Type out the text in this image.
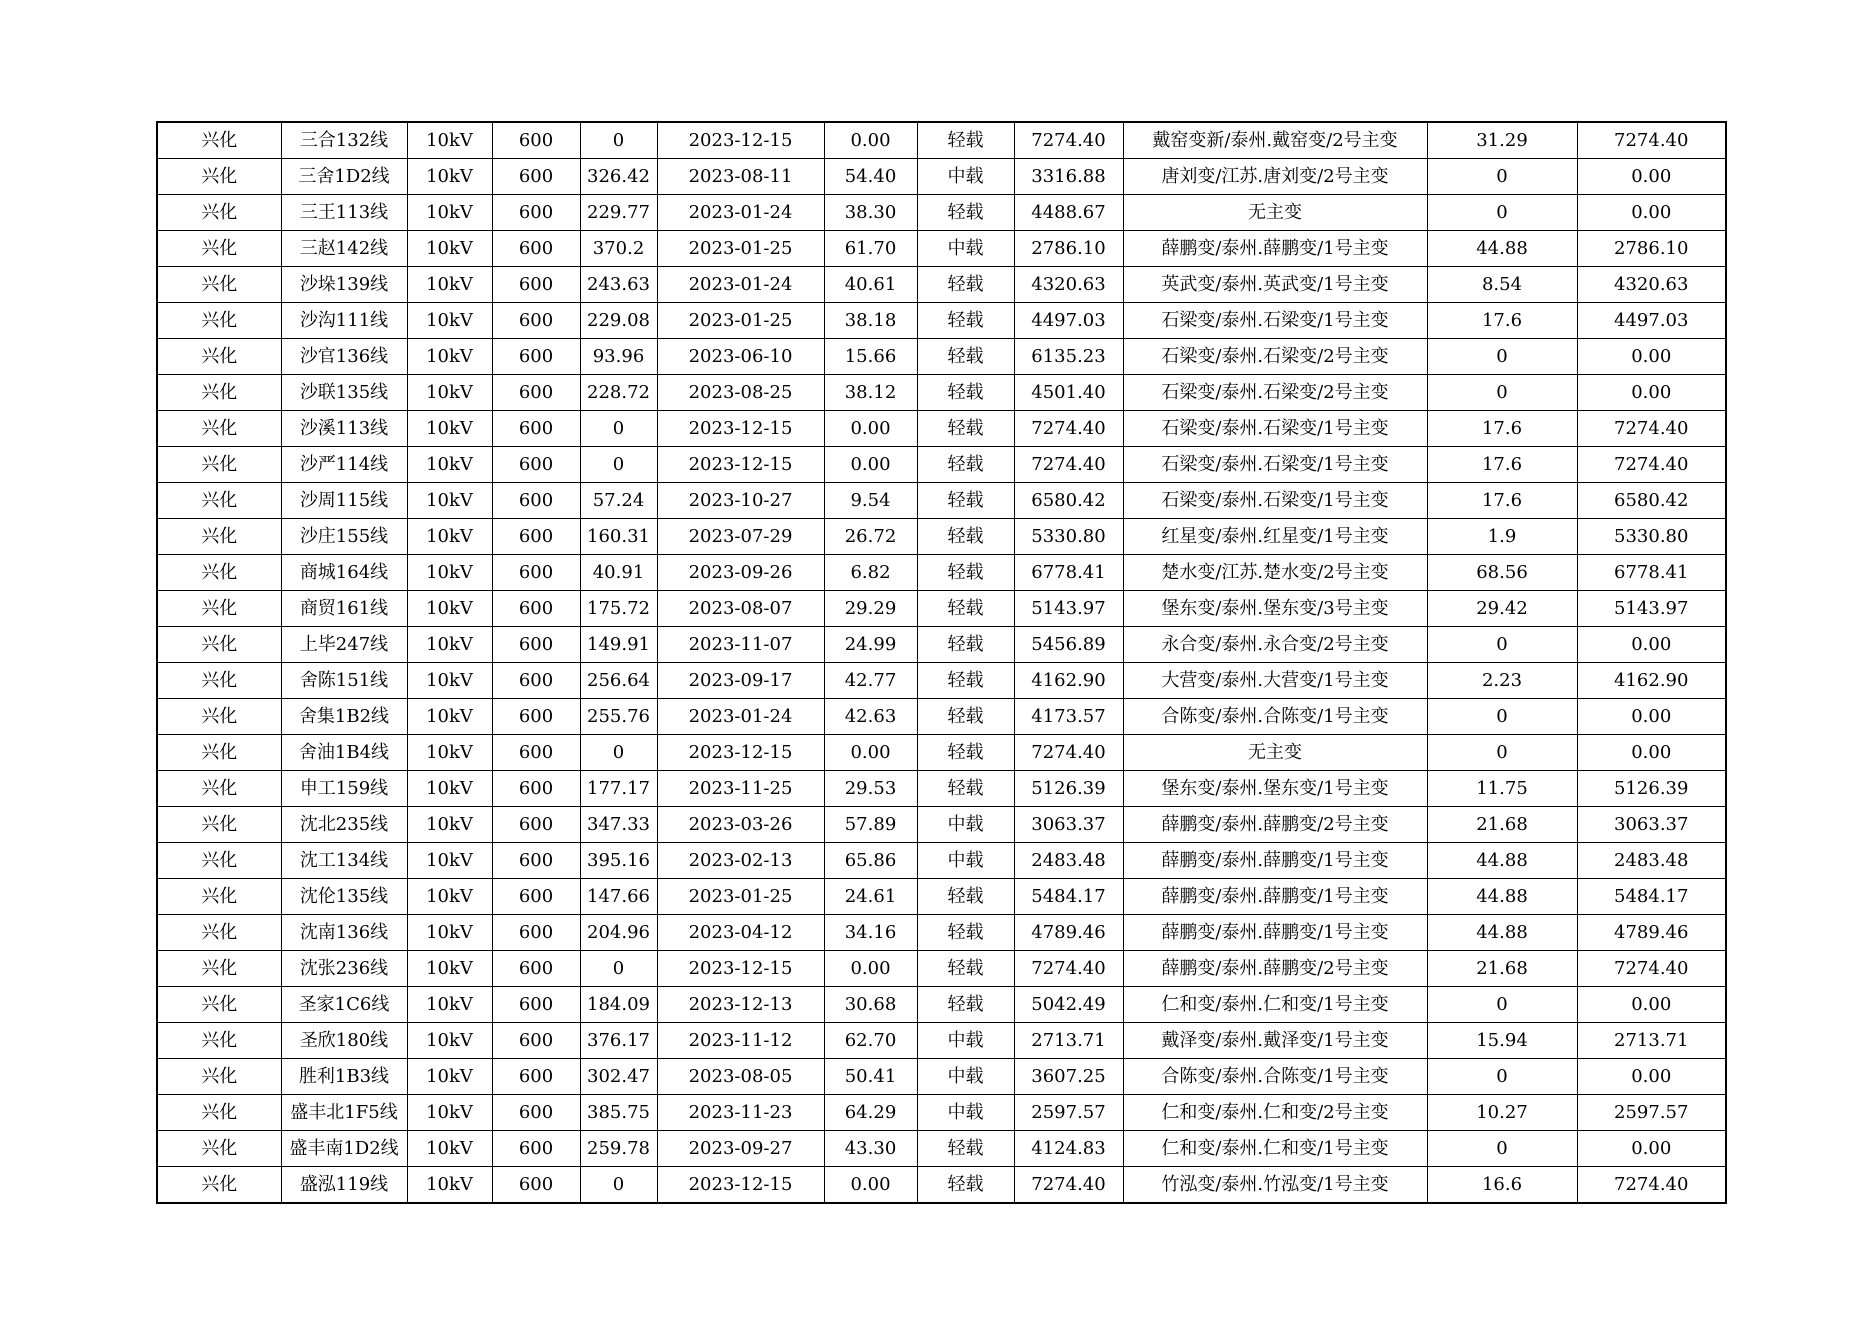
兴化	三合132线	10kV	600	0	2023-12-15	0.00	轻载	7274.40	戴窑变新/泰州.戴窑变/2号主变	31.29	7274.40
兴化	三舍1D2线	10kV	600	326.42	2023-08-11	54.40	中载	3316.88	唐刘变/江苏.唐刘变/2号主变	0	0.00
兴化	三王113线	10kV	600	229.77	2023-01-24	38.30	轻载	4488.67	无主变	0	0.00
兴化	三赵142线	10kV	600	370.2	2023-01-25	61.70	中载	2786.10	薛鹏变/泰州.薛鹏变/1号主变	44.88	2786.10
兴化	沙垛139线	10kV	600	243.63	2023-01-24	40.61	轻载	4320.63	英武变/泰州.英武变/1号主变	8.54	4320.63
兴化	沙沟111线	10kV	600	229.08	2023-01-25	38.18	轻载	4497.03	石梁变/泰州.石梁变/1号主变	17.6	4497.03
兴化	沙官136线	10kV	600	93.96	2023-06-10	15.66	轻载	6135.23	石梁变/泰州.石梁变/2号主变	0	0.00
兴化	沙联135线	10kV	600	228.72	2023-08-25	38.12	轻载	4501.40	石梁变/泰州.石梁变/2号主变	0	0.00
兴化	沙溪113线	10kV	600	0	2023-12-15	0.00	轻载	7274.40	石梁变/泰州.石梁变/1号主变	17.6	7274.40
兴化	沙严114线	10kV	600	0	2023-12-15	0.00	轻载	7274.40	石梁变/泰州.石梁变/1号主变	17.6	7274.40
兴化	沙周115线	10kV	600	57.24	2023-10-27	9.54	轻载	6580.42	石梁变/泰州.石梁变/1号主变	17.6	6580.42
兴化	沙庄155线	10kV	600	160.31	2023-07-29	26.72	轻载	5330.80	红星变/泰州.红星变/1号主变	1.9	5330.80
兴化	商城164线	10kV	600	40.91	2023-09-26	6.82	轻载	6778.41	楚水变/江苏.楚水变/2号主变	68.56	6778.41
兴化	商贸161线	10kV	600	175.72	2023-08-07	29.29	轻载	5143.97	堡东变/泰州.堡东变/3号主变	29.42	5143.97
兴化	上毕247线	10kV	600	149.91	2023-11-07	24.99	轻载	5456.89	永合变/泰州.永合变/2号主变	0	0.00
兴化	舍陈151线	10kV	600	256.64	2023-09-17	42.77	轻载	4162.90	大营变/泰州.大营变/1号主变	2.23	4162.90
兴化	舍集1B2线	10kV	600	255.76	2023-01-24	42.63	轻载	4173.57	合陈变/泰州.合陈变/1号主变	0	0.00
兴化	舍油1B4线	10kV	600	0	2023-12-15	0.00	轻载	7274.40	无主变	0	0.00
兴化	申工159线	10kV	600	177.17	2023-11-25	29.53	轻载	5126.39	堡东变/泰州.堡东变/1号主变	11.75	5126.39
兴化	沈北235线	10kV	600	347.33	2023-03-26	57.89	中载	3063.37	薛鹏变/泰州.薛鹏变/2号主变	21.68	3063.37
兴化	沈工134线	10kV	600	395.16	2023-02-13	65.86	中载	2483.48	薛鹏变/泰州.薛鹏变/1号主变	44.88	2483.48
兴化	沈伦135线	10kV	600	147.66	2023-01-25	24.61	轻载	5484.17	薛鹏变/泰州.薛鹏变/1号主变	44.88	5484.17
兴化	沈南136线	10kV	600	204.96	2023-04-12	34.16	轻载	4789.46	薛鹏变/泰州.薛鹏变/1号主变	44.88	4789.46
兴化	沈张236线	10kV	600	0	2023-12-15	0.00	轻载	7274.40	薛鹏变/泰州.薛鹏变/2号主变	21.68	7274.40
兴化	圣家1C6线	10kV	600	184.09	2023-12-13	30.68	轻载	5042.49	仁和变/泰州.仁和变/1号主变	0	0.00
兴化	圣欣180线	10kV	600	376.17	2023-11-12	62.70	中载	2713.71	戴泽变/泰州.戴泽变/1号主变	15.94	2713.71
兴化	胜利1B3线	10kV	600	302.47	2023-08-05	50.41	中载	3607.25	合陈变/泰州.合陈变/1号主变	0	0.00
兴化	盛丰北1F5线	10kV	600	385.75	2023-11-23	64.29	中载	2597.57	仁和变/泰州.仁和变/2号主变	10.27	2597.57
兴化	盛丰南1D2线	10kV	600	259.78	2023-09-27	43.30	轻载	4124.83	仁和变/泰州.仁和变/1号主变	0	0.00
兴化	盛泓119线	10kV	600	0	2023-12-15	0.00	轻载	7274.40	竹泓变/泰州.竹泓变/1号主变	16.6	7274.40
